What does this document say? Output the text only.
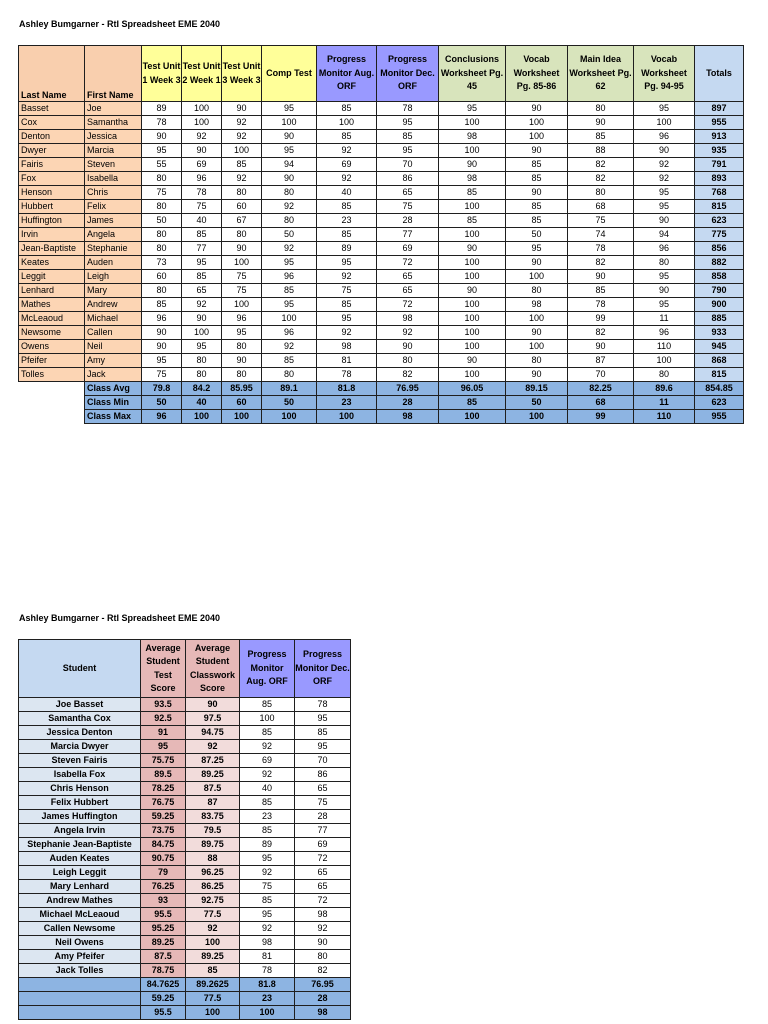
Ashley Bumgarner - RtI Spreadsheet EME 2040
Last Name	First Name	Test Unit 1 Week 3	Test Unit 2 Week 1	Test Unit 3 Week 3	Comp Test	Progress Monitor Aug. ORF	Progress Monitor Dec. ORF	Conclusions Worksheet Pg. 45	Vocab Worksheet Pg. 85-86	Main Idea Worksheet Pg. 62	Vocab Worksheet Pg. 94-95	Totals
Basset	Joe	89	100	90	95	85	78	95	90	80	95	897
Cox	Samantha	78	100	92	100	100	95	100	100	90	100	955
Denton	Jessica	90	92	92	90	85	85	98	100	85	96	913
Dwyer	Marcia	95	90	100	95	92	95	100	90	88	90	935
Fairis	Steven	55	69	85	94	69	70	90	85	82	92	791
Fox	Isabella	80	96	92	90	92	86	98	85	82	92	893
Henson	Chris	75	78	80	80	40	65	85	90	80	95	768
Hubbert	Felix	80	75	60	92	85	75	100	85	68	95	815
Huffington	James	50	40	67	80	23	28	85	85	75	90	623
Irvin	Angela	80	85	80	50	85	77	100	50	74	94	775
Jean-Baptiste	Stephanie	80	77	90	92	89	69	90	95	78	96	856
Keates	Auden	73	95	100	95	95	72	100	90	82	80	882
Leggit	Leigh	60	85	75	96	92	65	100	100	90	95	858
Lenhard	Mary	80	65	75	85	75	65	90	80	85	90	790
Mathes	Andrew	85	92	100	95	85	72	100	98	78	95	900
McLeaoud	Michael	96	90	96	100	95	98	100	100	99	11	885
Newsome	Callen	90	100	95	96	92	92	100	90	82	96	933
Owens	Neil	90	95	80	92	98	90	100	100	90	110	945
Pfeifer	Amy	95	80	90	85	81	80	90	80	87	100	868
Tolles	Jack	75	80	80	80	78	82	100	90	70	80	815
	Class Avg	79.8	84.2	85.95	89.1	81.8	76.95	96.05	89.15	82.25	89.6	854.85
	Class Min	50	40	60	50	23	28	85	50	68	11	623
	Class Max	96	100	100	100	100	98	100	100	99	110	955
Ashley Bumgarner - RtI Spreadsheet EME 2040
Student	Average Student Test Score	Average Student Classwork Score	Progress Monitor Aug. ORF	Progress Monitor Dec. ORF
Joe Basset	93.5	90	85	78
Samantha Cox	92.5	97.5	100	95
Jessica Denton	91	94.75	85	85
Marcia Dwyer	95	92	92	95
Steven Fairis	75.75	87.25	69	70
Isabella Fox	89.5	89.25	92	86
Chris Henson	78.25	87.5	40	65
Felix Hubbert	76.75	87	85	75
James Huffington	59.25	83.75	23	28
Angela Irvin	73.75	79.5	85	77
Stephanie Jean-Baptiste	84.75	89.75	89	69
Auden Keates	90.75	88	95	72
Leigh Leggit	79	96.25	92	65
Mary Lenhard	76.25	86.25	75	65
Andrew Mathes	93	92.75	85	72
Michael McLeaoud	95.5	77.5	95	98
Callen Newsome	95.25	92	92	92
Neil Owens	89.25	100	98	90
Amy Pfeifer	87.5	89.25	81	80
Jack Tolles	78.75	85	78	82
	84.7625	89.2625	81.8	76.95
	59.25	77.5	23	28
	95.5	100	100	98
